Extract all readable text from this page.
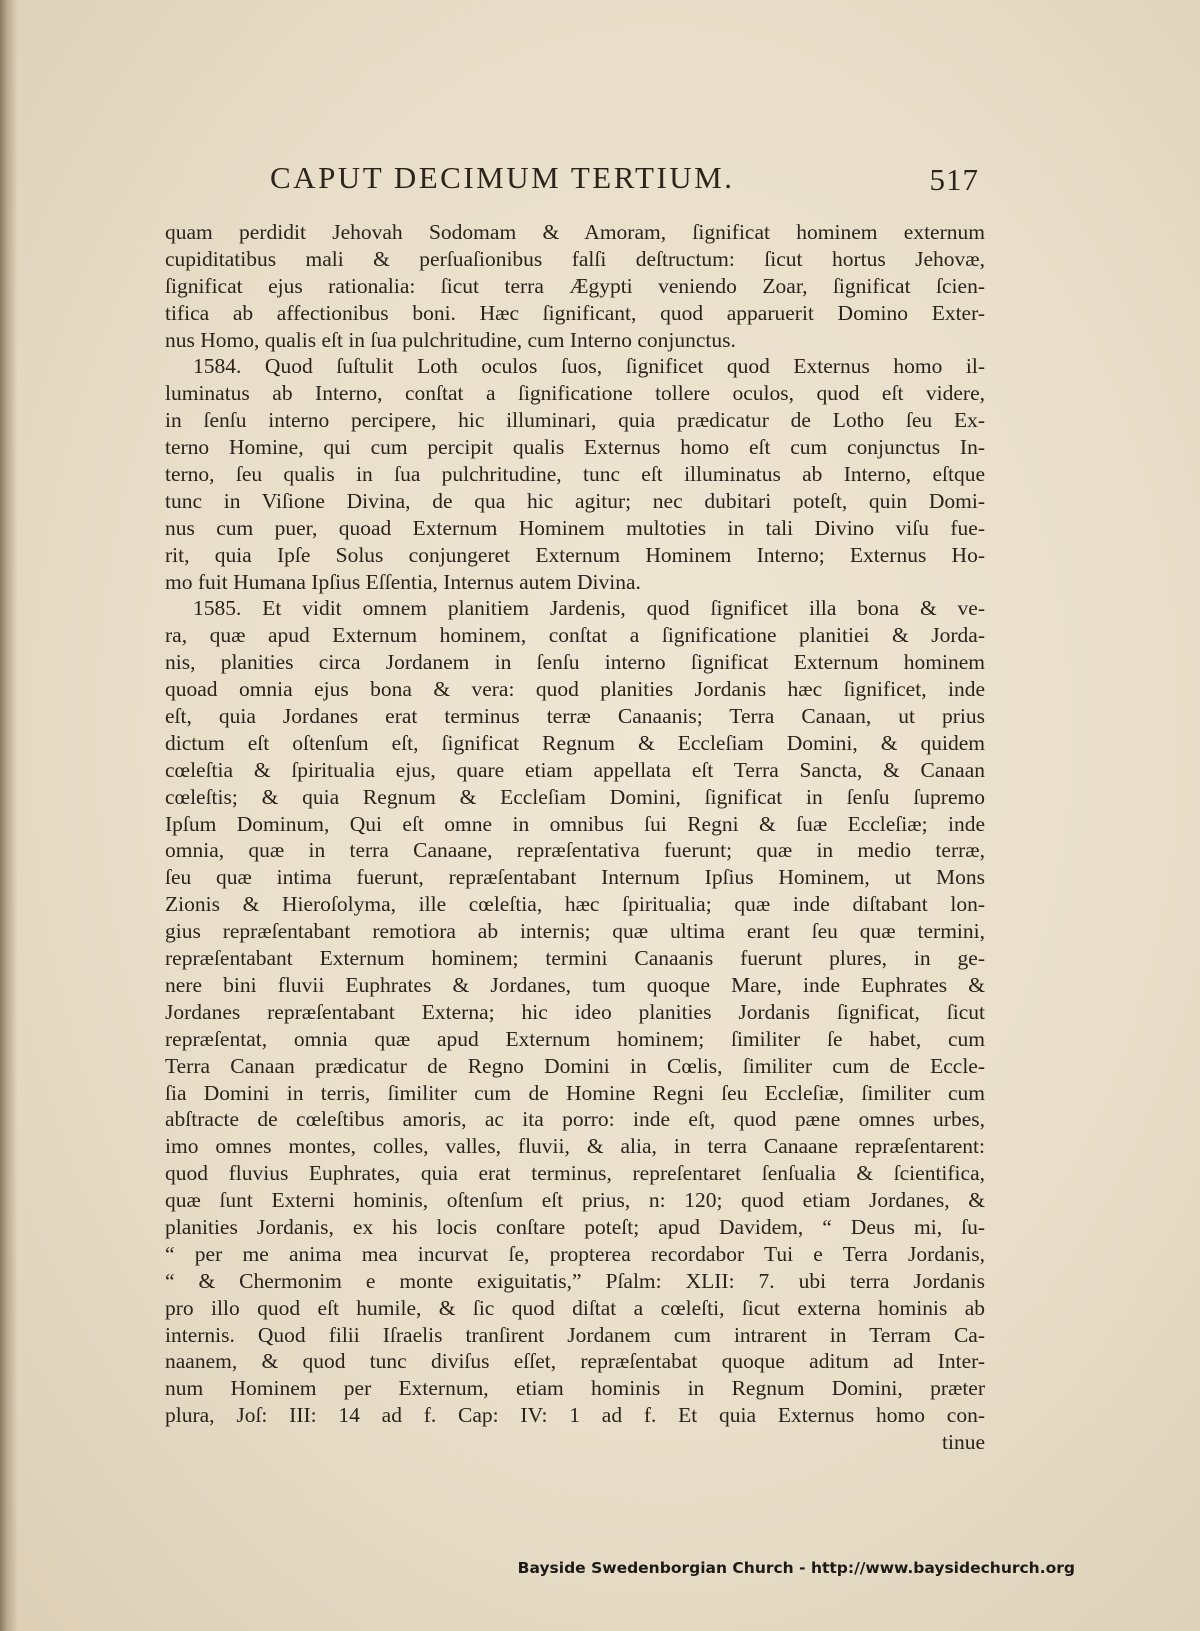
CAPUT DECIMUM TERTIUM.	517
quam perdidit Jehovah Sodomam & Amoram, ſignificat hominem externum
cupiditatibus mali & perſuaſionibus falſi deſtructum: ſicut hortus Jehovæ,
ſignificat ejus rationalia: ſicut terra Ægypti veniendo Zoar, ſignificat ſcien-
tifica ab affectionibus boni. Hæc ſignificant, quod apparuerit Domino Exter-
nus Homo, qualis eſt in ſua pulchritudine, cum Interno conjunctus.
1584. Quod ſuſtulit Loth oculos ſuos, ſignificet quod Externus homo il-
luminatus ab Interno, conſtat a ſignificatione tollere oculos, quod eſt videre,
in ſenſu interno percipere, hic illuminari, quia prædicatur de Lotho ſeu Ex-
terno Homine, qui cum percipit qualis Externus homo eſt cum conjunctus In-
terno, ſeu qualis in ſua pulchritudine, tunc eſt illuminatus ab Interno, eſtque
tunc in Viſione Divina, de qua hic agitur; nec dubitari poteſt, quin Domi-
nus cum puer, quoad Externum Hominem multoties in tali Divino viſu fue-
rit, quia Ipſe Solus conjungeret Externum Hominem Interno; Externus Ho-
mo fuit Humana Ipſius Eſſentia, Internus autem Divina.
1585. Et vidit omnem planitiem Jardenis, quod ſignificet illa bona & ve-
ra, quæ apud Externum hominem, conſtat a ſignificatione planitiei & Jorda-
nis, planities circa Jordanem in ſenſu interno ſignificat Externum hominem
quoad omnia ejus bona & vera: quod planities Jordanis hæc ſignificet, inde
eſt, quia Jordanes erat terminus terræ Canaanis; Terra Canaan, ut prius
dictum eſt oſtenſum eſt, ſignificat Regnum & Eccleſiam Domini, & quidem
cœleſtia & ſpiritualia ejus, quare etiam appellata eſt Terra Sancta, & Canaan
cœleſtis; & quia Regnum & Eccleſiam Domini, ſignificat in ſenſu ſupremo
Ipſum Dominum, Qui eſt omne in omnibus ſui Regni & ſuæ Eccleſiæ; inde
omnia, quæ in terra Canaane, repræſentativa fuerunt; quæ in medio terræ,
ſeu quæ intima fuerunt, repræſentabant Internum Ipſius Hominem, ut Mons
Zionis & Hieroſolyma, ille cœleſtia, hæc ſpiritualia; quæ inde diſtabant lon-
gius repræſentabant remotiora ab internis; quæ ultima erant ſeu quæ termini,
repræſentabant Externum hominem; termini Canaanis fuerunt plures, in ge-
nere bini fluvii Euphrates & Jordanes, tum quoque Mare, inde Euphrates &
Jordanes repræſentabant Externa; hic ideo planities Jordanis ſignificat, ſicut
repræſentat, omnia quæ apud Externum hominem; ſimiliter ſe habet, cum
Terra Canaan prædicatur de Regno Domini in Cœlis, ſimiliter cum de Eccle-
ſia Domini in terris, ſimiliter cum de Homine Regni ſeu Eccleſiæ, ſimiliter cum
abſtracte de cœleſtibus amoris, ac ita porro: inde eſt, quod pæne omnes urbes,
imo omnes montes, colles, valles, fluvii, & alia, in terra Canaane repræſentarent:
quod fluvius Euphrates, quia erat terminus, repreſentaret ſenſualia & ſcientifica,
quæ ſunt Externi hominis, oſtenſum eſt prius, n: 120; quod etiam Jordanes, &
planities Jordanis, ex his locis conſtare poteſt; apud Davidem, “ Deus mi, ſu-
“ per me anima mea incurvat ſe, propterea recordabor Tui e Terra Jordanis,
“ & Chermonim e monte exiguitatis,” Pſalm: XLII: 7. ubi terra Jordanis
pro illo quod eſt humile, & ſic quod diſtat a cœleſti, ſicut externa hominis ab
internis. Quod filii Iſraelis tranſirent Jordanem cum intrarent in Terram Ca-
naanem, & quod tunc diviſus eſſet, repræſentabat quoque aditum ad Inter-
num Hominem per Externum, etiam hominis in Regnum Domini, præter
plura, Joſ: III: 14 ad f. Cap: IV: 1 ad f. Et quia Externus homo con-
tinue
Bayside Swedenborgian Church - http://www.baysidechurch.org
